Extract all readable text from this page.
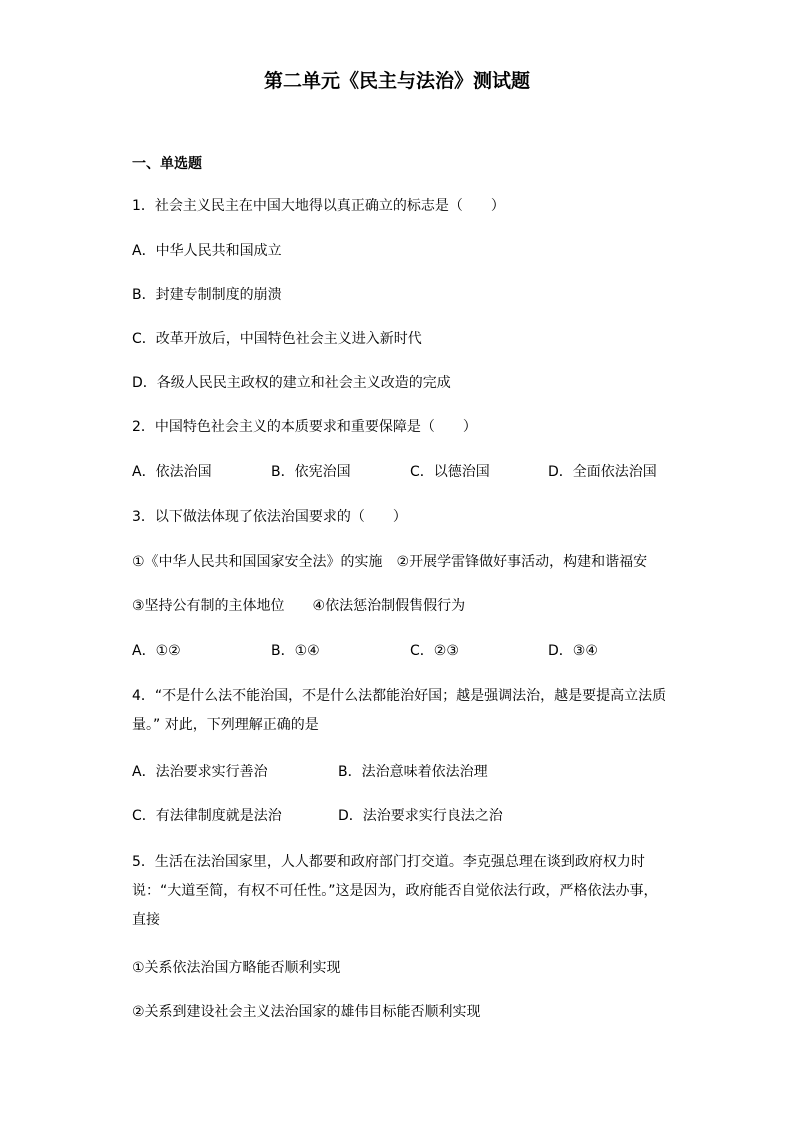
第二单元《民主与法治》测试题
一、单选题
1．社会主义民主在中国大地得以真正确立的标志是（　　）
A．中华人民共和国成立
B．封建专制制度的崩溃
C．改革开放后，中国特色社会主义进入新时代
D．各级人民民主政权的建立和社会主义改造的完成
2．中国特色社会主义的本质要求和重要保障是（　　）
A．依法治国	B．依宪治国	C．以德治国	D．全面依法治国
3．以下做法体现了依法治国要求的（　　）
①《中华人民共和国国家安全法》的实施　②开展学雷锋做好事活动，构建和谐福安
③坚持公有制的主体地位　　④依法惩治制假售假行为
A．①②	B．①④	C．②③	D．③④
4．“不是什么法不能治国，不是什么法都能治好国；越是强调法治，越是要提高立法质量。” 对此，下列理解正确的是
A．法治要求实行善治	B．法治意味着依法治理
C．有法律制度就是法治	D．法治要求实行良法之治
5．生活在法治国家里，人人都要和政府部门打交道。李克强总理在谈到政府权力时说：“大道至简，有权不可任性。”这是因为，政府能否自觉依法行政，严格依法办事，直接
①关系依法治国方略能否顺利实现
②关系到建设社会主义法治国家的雄伟目标能否顺利实现
